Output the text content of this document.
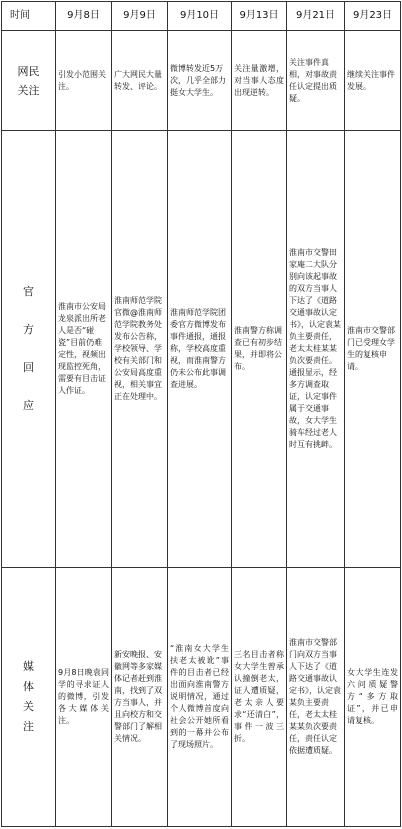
时间	9月8日	9月9日	9月10日	9月13日	9月21日	9月23日

网民关注	引发小范围关注。	广大网民大量转发、评论。	微博转发近5万次，几乎全部力挺女大学生。	关注量激增，对当事人态度出现逆转。	关注事件真相，对事故责任认定提出质疑。	继续关注事件发展。

官方回应	淮南市公安局龙泉派出所老人是否“碰瓷”目前仍难定性，视频出现监控死角，需要有目击证人作证。	淮南师范学院官微@淮南师范学院教务处发布公告称，学校领导、学校有关部门和公安局高度重视，相关事宜正在处理中。	淮南师范学院团委官方微博发布事件通报，通报称，学校高度重视，而淮南警方仍未公布此事调查进展。	淮南警方称调查已有初步结果，并即将公布。	淮南市交警田家庵二大队分别向该起事故的双方当事人下达了《道路交通事故认定书》，认定袁某负主要责任，老太太桂某某负次要责任。通报显示，经多方调查取证，认定事件属于交通事故，女大学生骑车经过老人时互有挑衅。	淮南市交警部门已受理女学生的复核申请。

媒体关注	9月8日晚袁同学的寻求证人的微博，引发各大媒体关注。	新安晚报、安徽网等多家媒体记者赶到淮南，找到了双方当事人，并且向校方和交警部门了解相关情况。	“淮南女大学生扶老太被讹”事件的目击者已经出面向淮南警方说明情况，通过个人微博首度向社会公开她所看到的一幕并公布了现场照片。	三名目击者称女大学生曾承认撞倒老太，证人遭质疑，老太亲人要求“还清白”，事件一波三折。	淮南市交警部门向双方当事人下达了《道路交通事故认定书》，认定袁某负主要责任，老太太桂某某负次要责任，责任认定依据遭质疑。	女大学生连发六问质疑警方“多方取证”，并已申请复核。
